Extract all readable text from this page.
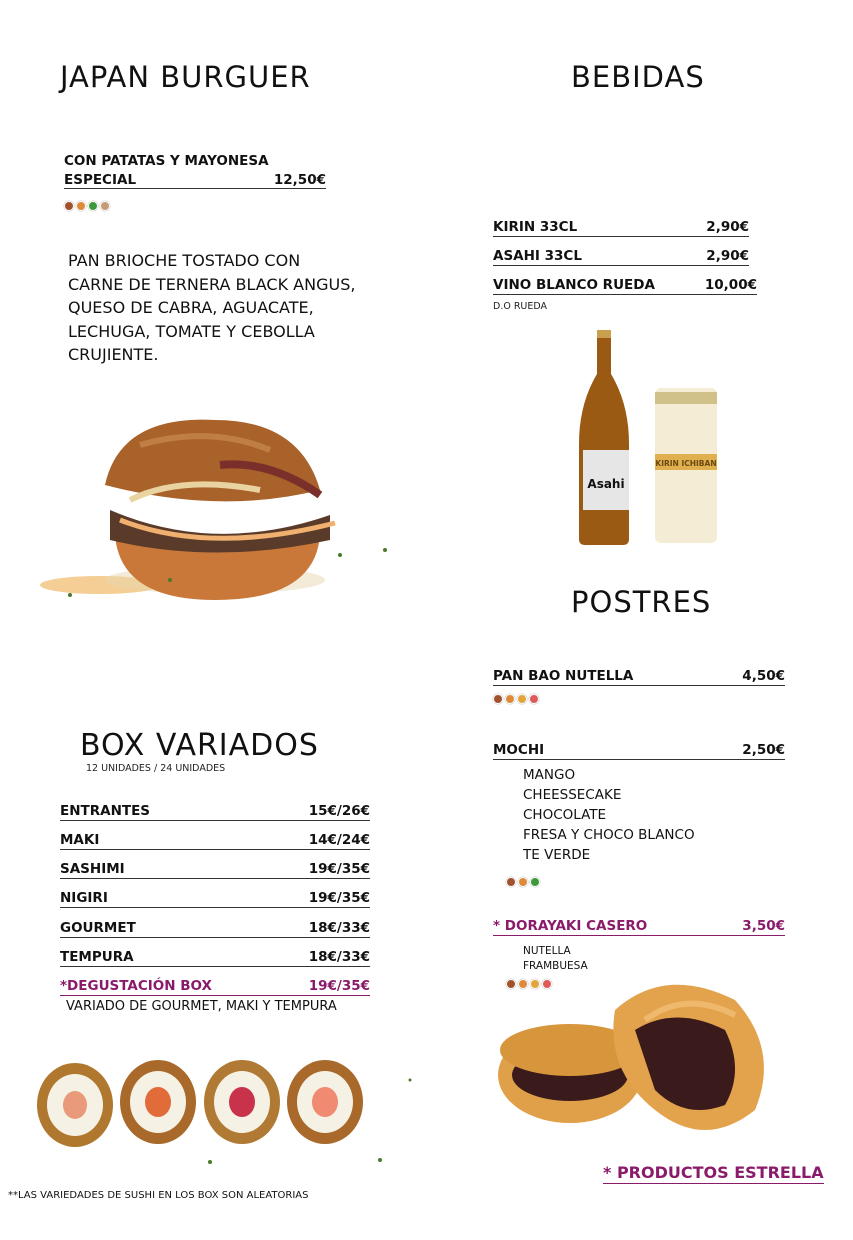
JAPAN BURGUER
CON PATATAS Y MAYONESA
ESPECIAL	12,50€
PAN BRIOCHE TOSTADO CON CARNE DE TERNERA BLACK ANGUS, QUESO DE CABRA, AGUACATE, LECHUGA, TOMATE Y CEBOLLA CRUJIENTE.
BOX VARIADOS
12 UNIDADES / 24 UNIDADES
ENTRANTES	15€/26€
MAKI	14€/24€
SASHIMI	19€/35€
NIGIRI	19€/35€
GOURMET	18€/33€
TEMPURA	18€/33€
*DEGUSTACIÓN BOX	19€/35€
VARIADO DE GOURMET, MAKI Y TEMPURA
**LAS VARIEDADES DE SUSHI EN LOS BOX SON ALEATORIAS
BEBIDAS
KIRIN 33CL	2,90€
ASAHI 33CL	2,90€
VINO BLANCO RUEDA	10,00€
D.O RUEDA
Asahi
KIRIN ICHIBAN
POSTRES
PAN BAO NUTELLA	4,50€
MOCHI	2,50€
MANGO
CHEESSECAKE
CHOCOLATE
FRESA Y CHOCO BLANCO
TE VERDE
* DORAYAKI CASERO	3,50€
NUTELLA
FRAMBUESA
* PRODUCTOS ESTRELLA
